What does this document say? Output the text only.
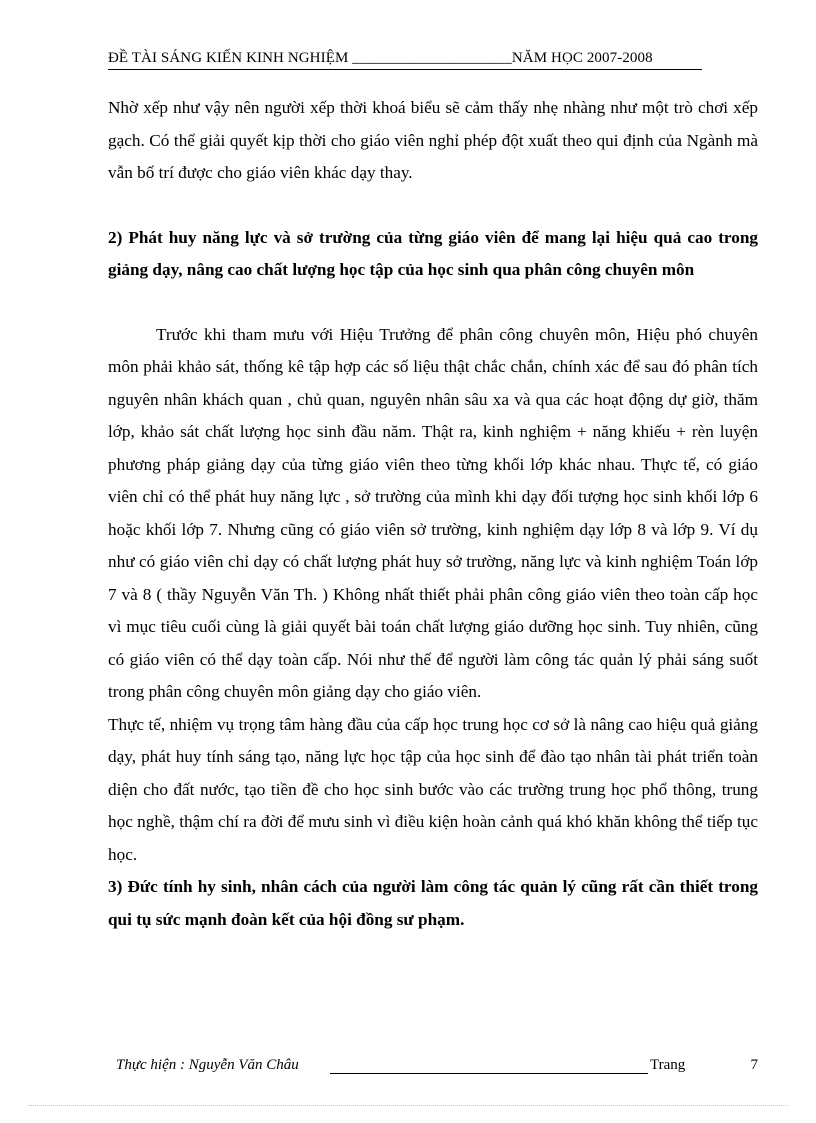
ĐỀ TÀI SÁNG KIẾN KINH NGHIỆM _____________________NĂM HỌC 2007-2008

Nhờ xếp như vậy nên người xếp thời khoá biểu sẽ cảm thấy nhẹ nhàng như một trò chơi xếp gạch. Có thể giải quyết kịp thời cho giáo viên nghỉ phép đột xuất theo qui định của Ngành mà vẫn bố trí được cho giáo viên khác dạy thay.

2) Phát huy năng lực và sở trường của từng giáo viên để mang lại hiệu quả cao trong giảng dạy, nâng cao chất lượng học tập của học sinh qua phân công chuyên môn

Trước khi tham mưu với Hiệu Trưởng để phân công chuyên môn, Hiệu phó chuyên môn phải khảo sát, thống kê tập hợp các số liệu thật chắc chắn, chính xác để sau đó phân tích nguyên nhân khách quan , chủ quan, nguyên nhân sâu xa và qua các hoạt động dự giờ, thăm lớp, khảo sát chất lượng học sinh đầu năm. Thật ra, kinh nghiệm + năng khiếu + rèn luyện phương pháp giảng dạy của từng giáo viên theo từng khối lớp khác nhau. Thực tế, có giáo viên chỉ có thể phát huy năng lực , sở trường của mình khi dạy đối tượng học sinh khối lớp 6 hoặc khối lớp 7. Nhưng cũng có giáo viên sở trường, kinh nghiệm dạy lớp 8 và lớp 9. Ví dụ như có giáo viên chỉ dạy có chất lượng phát huy sở trường, năng lực và kinh nghiệm Toán lớp 7 và 8 ( thầy Nguyễn Văn Th. ) Không nhất thiết phải phân công giáo viên theo toàn cấp học vì mục tiêu cuối cùng là giải quyết bài toán chất lượng giáo dưỡng học sinh. Tuy nhiên, cũng có giáo viên có thể dạy toàn cấp. Nói như thế để người làm công tác quản lý phải sáng suốt trong phân công chuyên môn giảng dạy cho giáo viên.

Thực tế, nhiệm vụ trọng tâm hàng đầu của cấp học trung học cơ sở là nâng cao hiệu quả giảng dạy, phát huy tính sáng tạo, năng lực học tập của học sinh để đào tạo nhân tài phát triển toàn diện cho đất nước, tạo tiền đề cho học sinh bước vào các trường trung học phổ thông, trung học nghề, thậm chí ra đời để mưu sinh vì điều kiện hoàn cảnh quá khó khăn không thể tiếp tục học.

3) Đức tính hy sinh, nhân cách của người làm công tác quản lý cũng rất cần thiết trong qui tụ sức mạnh đoàn kết của hội đồng sư phạm.
Thực hiện : Nguyễn Văn Châu	Trang	7
